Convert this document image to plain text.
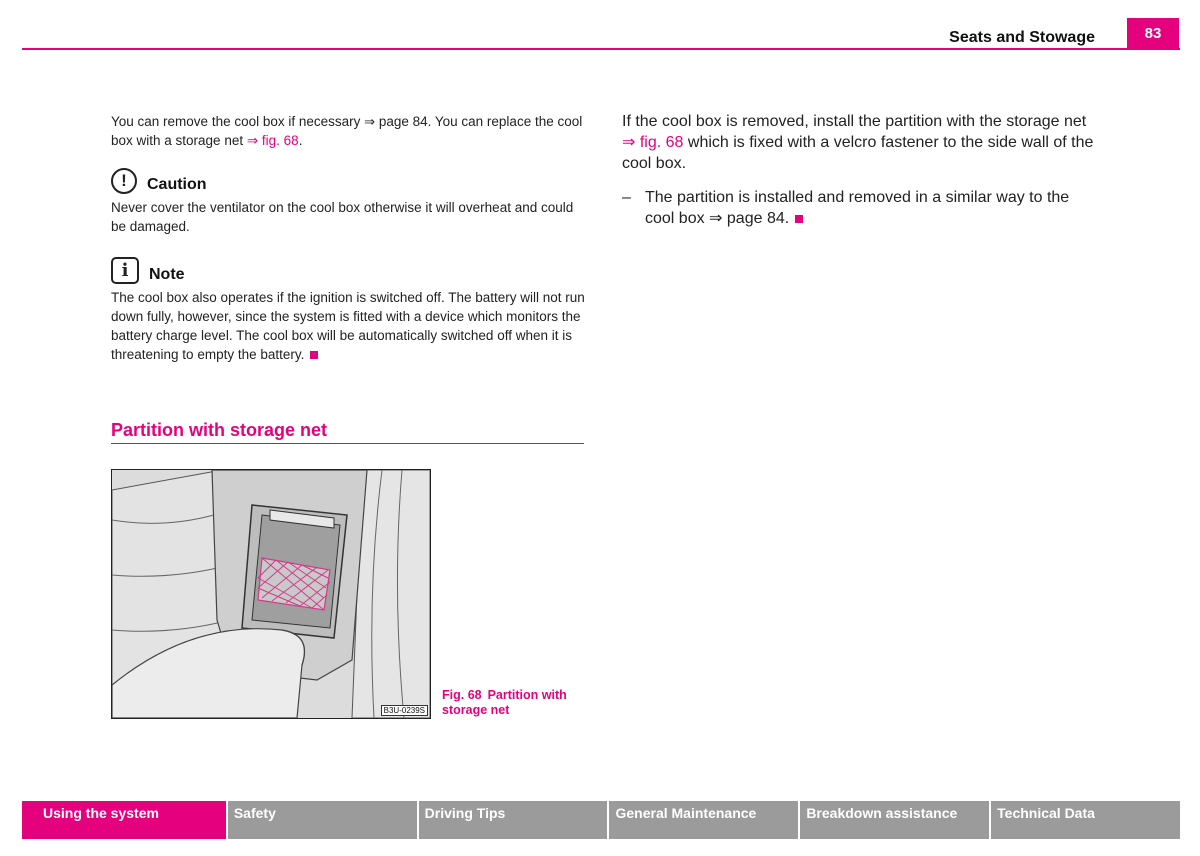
83
Seats and Stowage

You can remove the cool box if necessary ⇒ page 84. You can replace the cool box with a storage net ⇒ fig. 68.

!	Caution

Never cover the ventilator on the cool box otherwise it will overheat and could be damaged.

i	Note

The cool box also operates if the ignition is switched off. The battery will not run down fully, however, since the system is fitted with a device which monitors the battery charge level. The cool box will be automatically switched off when it is threatening to empty the battery.

Partition with storage net
B3U-0239S
Fig. 68 Partition with storage net

If the cool box is removed, install the partition with the storage net ⇒ fig. 68 which is fixed with a velcro fastener to the side wall of the cool box.

– The partition is installed and removed in a similar way to the cool box ⇒ page 84.

Using the system	Safety	Driving Tips	General Maintenance	Breakdown assistance	Technical Data
